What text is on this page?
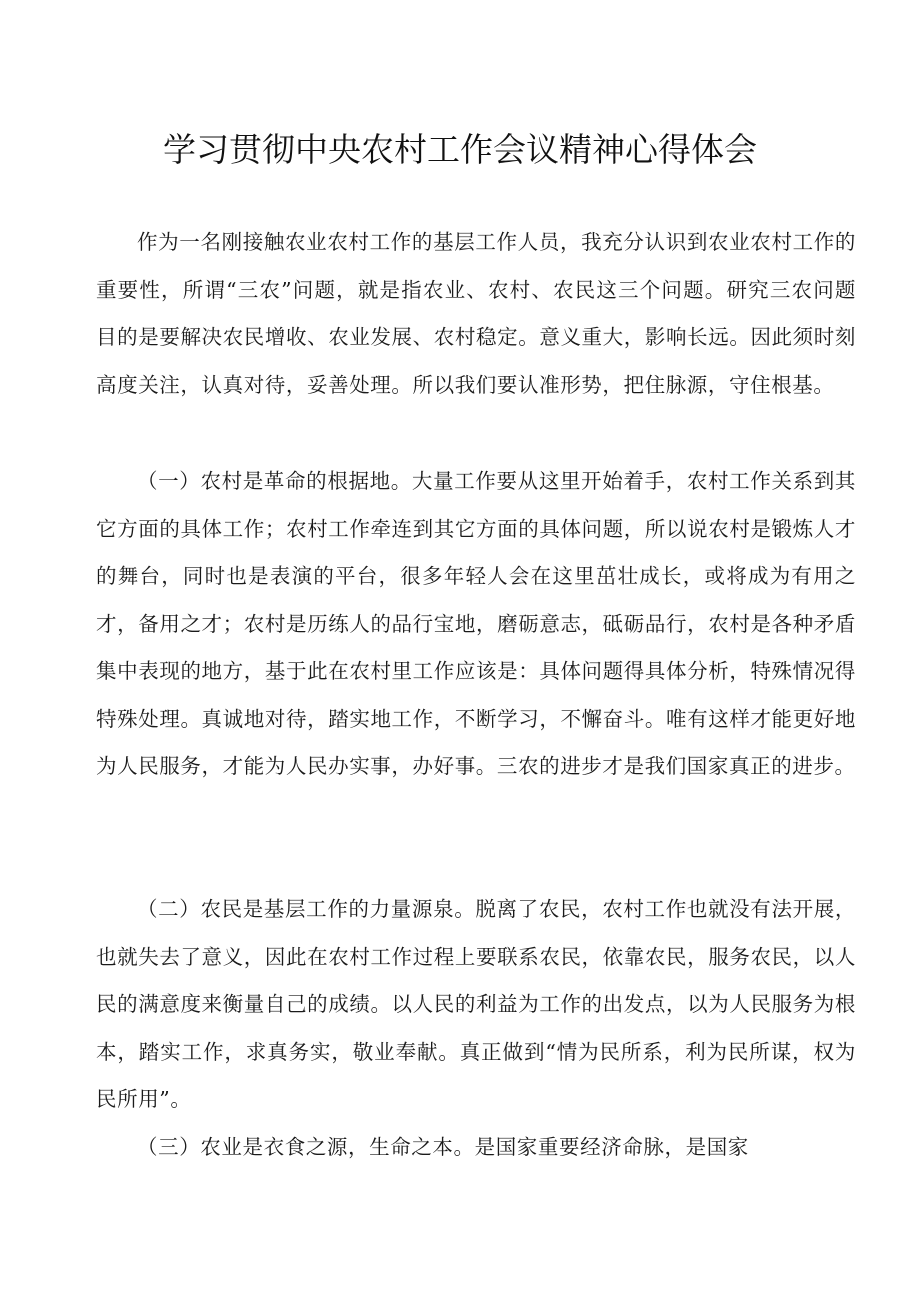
学习贯彻中央农村工作会议精神心得体会

作为一名刚接触农业农村工作的基层工作人员，我充分认识到农业农村工作的重要性，所谓“三农”问题，就是指农业、农村、农民这三个问题。研究三农问题目的是要解决农民增收、农业发展、农村稳定。意义重大，影响长远。因此须时刻高度关注，认真对待，妥善处理。所以我们要认准形势，把住脉源，守住根基。

（一）农村是革命的根据地。大量工作要从这里开始着手，农村工作关系到其它方面的具体工作；农村工作牵连到其它方面的具体问题，所以说农村是锻炼人才的舞台，同时也是表演的平台，很多年轻人会在这里茁壮成长，或将成为有用之才，备用之才；农村是历练人的品行宝地，磨砺意志，砥砺品行，农村是各种矛盾集中表现的地方，基于此在农村里工作应该是：具体问题得具体分析，特殊情况得特殊处理。真诚地对待，踏实地工作，不断学习，不懈奋斗。唯有这样才能更好地为人民服务，才能为人民办实事，办好事。三农的进步才是我们国家真正的进步。

（二）农民是基层工作的力量源泉。脱离了农民，农村工作也就没有法开展，也就失去了意义，因此在农村工作过程上要联系农民，依靠农民，服务农民，以人民的满意度来衡量自己的成绩。以人民的利益为工作的出发点，以为人民服务为根本，踏实工作，求真务实，敬业奉献。真正做到“情为民所系，利为民所谋，权为民所用”。

（三）农业是衣食之源，生命之本。是国家重要经济命脉，是国家
